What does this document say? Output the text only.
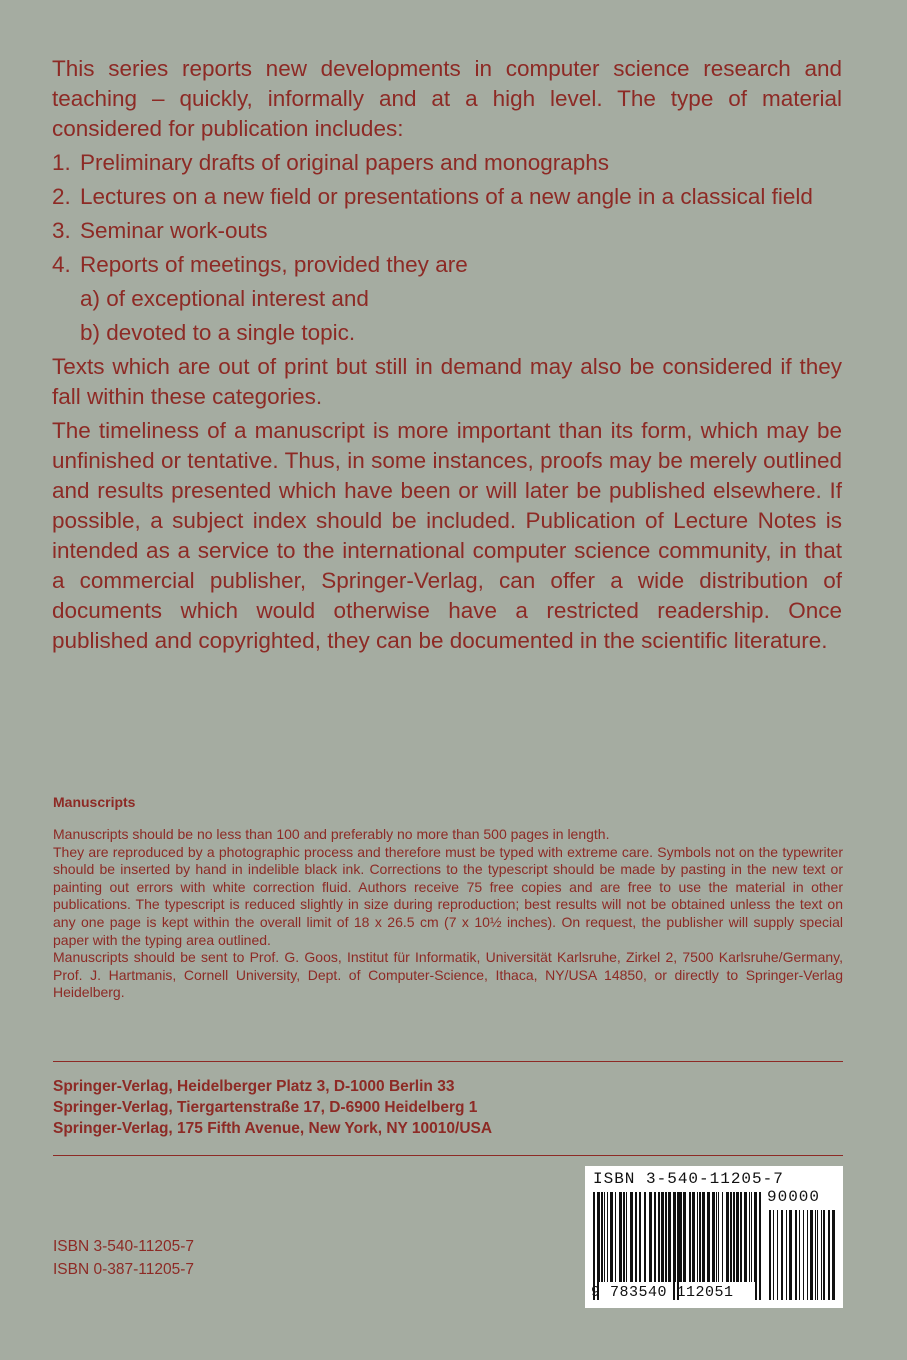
This series reports new developments in computer science research and teaching – quickly, informally and at a high level. The type of material considered for publication includes:

1. Preliminary drafts of original papers and monographs
2. Lectures on a new field or presentations of a new angle in a classical field
3. Seminar work-outs
4. Reports of meetings, provided they are
a) of exceptional interest and
b) devoted to a single topic.

Texts which are out of print but still in demand may also be considered if they fall within these categories.

The timeliness of a manuscript is more important than its form, which may be unfinished or tentative. Thus, in some instances, proofs may be merely outlined and results presented which have been or will later be published elsewhere. If possible, a subject index should be included. Publication of Lecture Notes is intended as a service to the international computer science community, in that a commercial publisher, Springer-Verlag, can offer a wide distribution of documents which would otherwise have a restricted readership. Once published and copyrighted, they can be documented in the scientific literature.

Manuscripts

Manuscripts should be no less than 100 and preferably no more than 500 pages in length.

They are reproduced by a photographic process and therefore must be typed with extreme care. Symbols not on the typewriter should be inserted by hand in indelible black ink. Corrections to the typescript should be made by pasting in the new text or painting out errors with white correction fluid. Authors receive 75 free copies and are free to use the material in other publications. The typescript is reduced slightly in size during reproduction; best results will not be obtained unless the text on any one page is kept within the overall limit of 18 x 26.5 cm (7 x 10½ inches). On request, the publisher will supply special paper with the typing area outlined.

Manuscripts should be sent to Prof. G. Goos, Institut für Informatik, Universität Karlsruhe, Zirkel 2, 7500 Karlsruhe/Germany, Prof. J. Hartmanis, Cornell University, Dept. of Computer-Science, Ithaca, NY/USA 14850, or directly to Springer-Verlag Heidelberg.

Springer-Verlag, Heidelberger Platz 3, D-1000 Berlin 33
Springer-Verlag, Tiergartenstraße 17, D-6900 Heidelberg 1
Springer-Verlag, 175 Fifth Avenue, New York, NY 10010/USA
ISBN 3-540-11205-7
ISBN 0-387-11205-7
ISBN 3-540-11205-7
90000
9 783540 112051
